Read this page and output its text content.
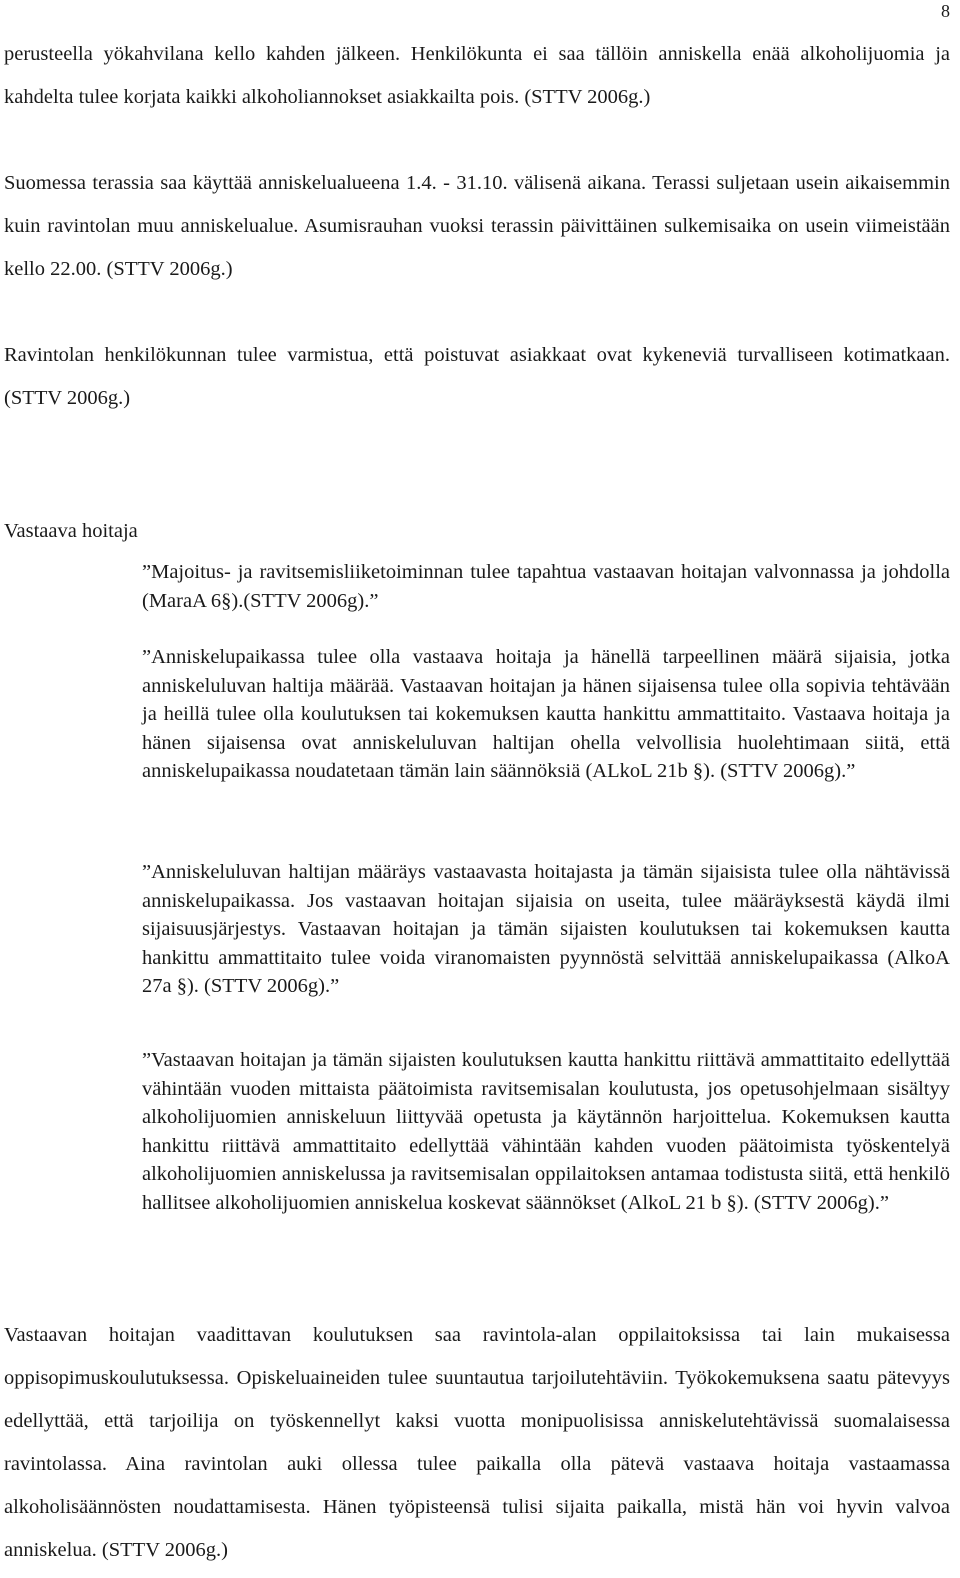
8

perusteella yökahvilana kello kahden jälkeen. Henkilökunta ei saa tällöin anniskella enää alkoholijuomia ja kahdelta tulee korjata kaikki alkoholiannokset asiakkailta pois. (STTV 2006g.)

Suomessa terassia saa käyttää anniskelualueena 1.4. - 31.10. välisenä aikana. Terassi suljetaan usein aikaisemmin kuin ravintolan muu anniskelualue. Asumisrauhan vuoksi terassin päivittäinen sulkemisaika on usein viimeistään kello 22.00. (STTV 2006g.)

Ravintolan henkilökunnan tulee varmistua, että poistuvat asiakkaat ovat kykeneviä turvalliseen kotimatkaan. (STTV 2006g.)

Vastaava hoitaja

”Majoitus- ja ravitsemisliiketoiminnan tulee tapahtua vastaavan hoitajan valvonnassa ja johdolla (MaraA 6§).(STTV 2006g).”

”Anniskelupaikassa tulee olla vastaava hoitaja ja hänellä tarpeellinen määrä sijaisia, jotka anniskeluluvan haltija määrää. Vastaavan hoitajan ja hänen sijaisensa tulee olla sopivia tehtävään ja heillä tulee olla koulutuksen tai kokemuksen kautta hankittu ammattitaito. Vastaava hoitaja ja hänen sijaisensa ovat anniskeluluvan haltijan ohella velvollisia huolehtimaan siitä, että anniskelupaikassa noudatetaan tämän lain säännöksiä (ALkoL 21b §). (STTV 2006g).”

”Anniskeluluvan haltijan määräys vastaavasta hoitajasta ja tämän sijaisista tulee olla nähtävissä anniskelupaikassa. Jos vastaavan hoitajan sijaisia on useita, tulee määräyksestä käydä ilmi sijaisuusjärjestys. Vastaavan hoitajan ja tämän sijaisten koulutuksen tai kokemuksen kautta hankittu ammattitaito tulee voida viranomaisten pyynnöstä selvittää anniskelupaikassa (AlkoA 27a §). (STTV 2006g).”

”Vastaavan hoitajan ja tämän sijaisten koulutuksen kautta hankittu riittävä ammattitaito edellyttää vähintään vuoden mittaista päätoimista ravitsemisalan koulutusta, jos opetusohjelmaan sisältyy alkoholijuomien anniskeluun liittyvää opetusta ja käytännön harjoittelua. Kokemuksen kautta hankittu riittävä ammattitaito edellyttää vähintään kahden vuoden päätoimista työskentelyä alkoholijuomien anniskelussa ja ravitsemisalan oppilaitoksen antamaa todistusta siitä, että henkilö hallitsee alkoholijuomien anniskelua koskevat säännökset (AlkoL 21 b §). (STTV 2006g).”

Vastaavan hoitajan vaadittavan koulutuksen saa ravintola-alan oppilaitoksissa tai lain mukaisessa oppisopimuskoulutuksessa. Opiskeluaineiden tulee suuntautua tarjoilutehtäviin. Työkokemuksena saatu pätevyys edellyttää, että tarjoilija on työskennellyt kaksi vuotta monipuolisissa anniskelutehtävissä suomalaisessa ravintolassa. Aina ravintolan auki ollessa tulee paikalla olla pätevä vastaava hoitaja vastaamassa alkoholisäännösten noudattamisesta. Hänen työpisteensä tulisi sijaita paikalla, mistä hän voi hyvin valvoa anniskelua. (STTV 2006g.)
